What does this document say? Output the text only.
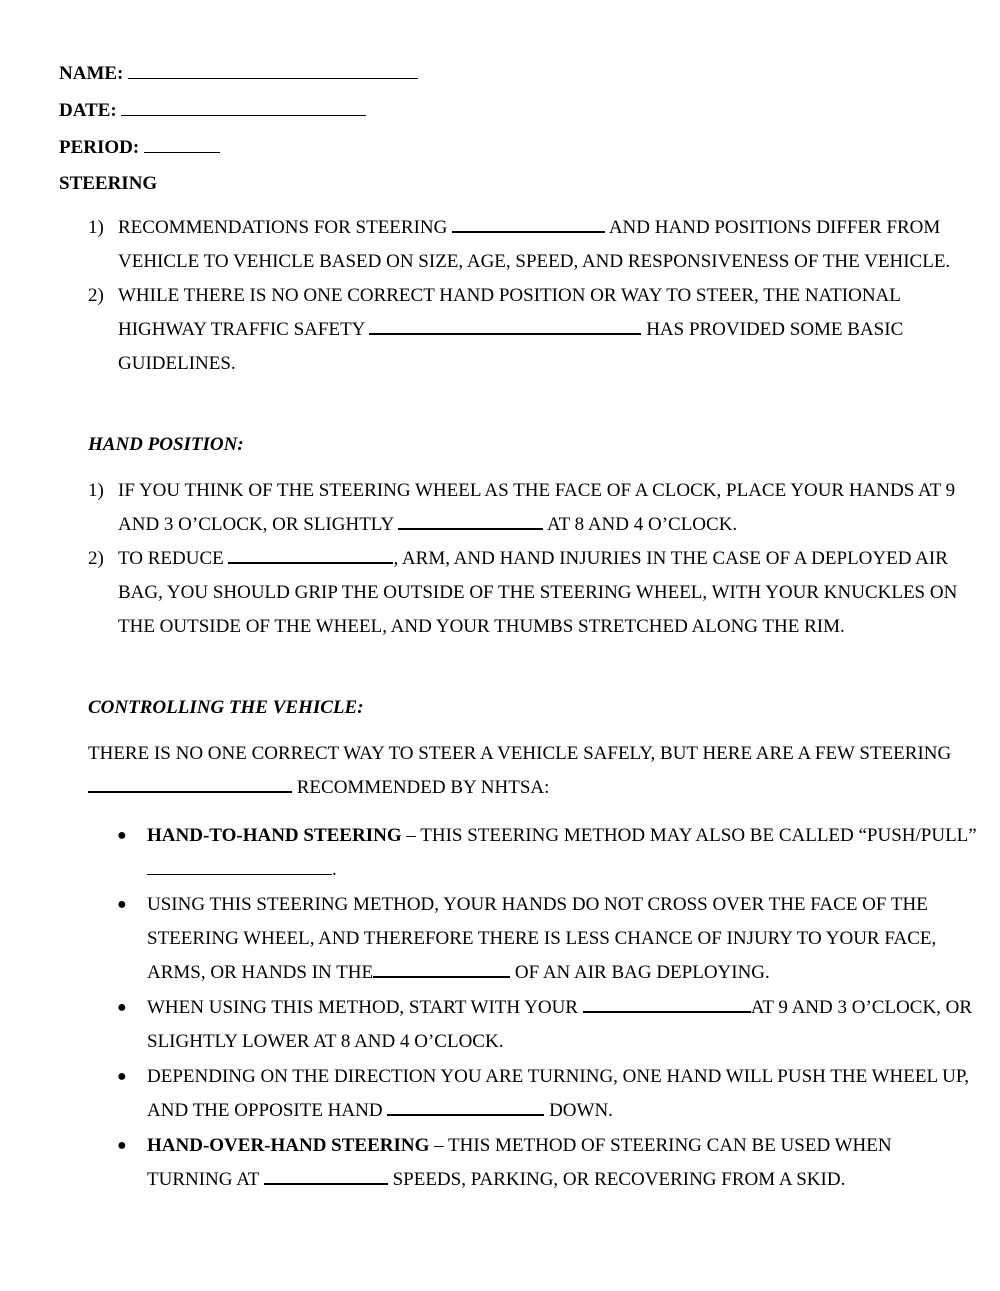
NAME:
DATE:
PERIOD:
STEERING
1) RECOMMENDATIONS FOR STEERING	AND HAND POSITIONS DIFFER FROM VEHICLE TO VEHICLE BASED ON SIZE, AGE, SPEED, AND RESPONSIVENESS OF THE VEHICLE.
2) WHILE THERE IS NO ONE CORRECT HAND POSITION OR WAY TO STEER, THE NATIONAL HIGHWAY TRAFFIC SAFETY	HAS PROVIDED SOME BASIC GUIDELINES.
HAND POSITION:
1) IF YOU THINK OF THE STEERING WHEEL AS THE FACE OF A CLOCK, PLACE YOUR HANDS AT 9 AND 3 O’CLOCK, OR SLIGHTLY	AT 8 AND 4 O’CLOCK.
2) TO REDUCE	, ARM, AND HAND INJURIES IN THE CASE OF A DEPLOYED AIR BAG, YOU SHOULD GRIP THE OUTSIDE OF THE STEERING WHEEL, WITH YOUR KNUCKLES ON THE OUTSIDE OF THE WHEEL, AND YOUR THUMBS STRETCHED ALONG THE RIM.
CONTROLLING THE VEHICLE:
THERE IS NO ONE CORRECT WAY TO STEER A VEHICLE SAFELY, BUT HERE ARE A FEW STEERING  RECOMMENDED BY NHTSA:
● HAND-TO-HAND STEERING – THIS STEERING METHOD MAY ALSO BE CALLED “PUSH/PULL” .
● USING THIS STEERING METHOD, YOUR HANDS DO NOT CROSS OVER THE FACE OF THE STEERING WHEEL, AND THEREFORE THERE IS LESS CHANCE OF INJURY TO YOUR FACE, ARMS, OR HANDS IN THE	OF AN AIR BAG DEPLOYING.
● WHEN USING THIS METHOD, START WITH YOUR	AT 9 AND 3 O’CLOCK, OR SLIGHTLY LOWER AT 8 AND 4 O’CLOCK.
● DEPENDING ON THE DIRECTION YOU ARE TURNING, ONE HAND WILL PUSH THE WHEEL UP, AND THE OPPOSITE HAND	DOWN.
● HAND-OVER-HAND STEERING – THIS METHOD OF STEERING CAN BE USED WHEN TURNING AT	SPEEDS, PARKING, OR RECOVERING FROM A SKID.
